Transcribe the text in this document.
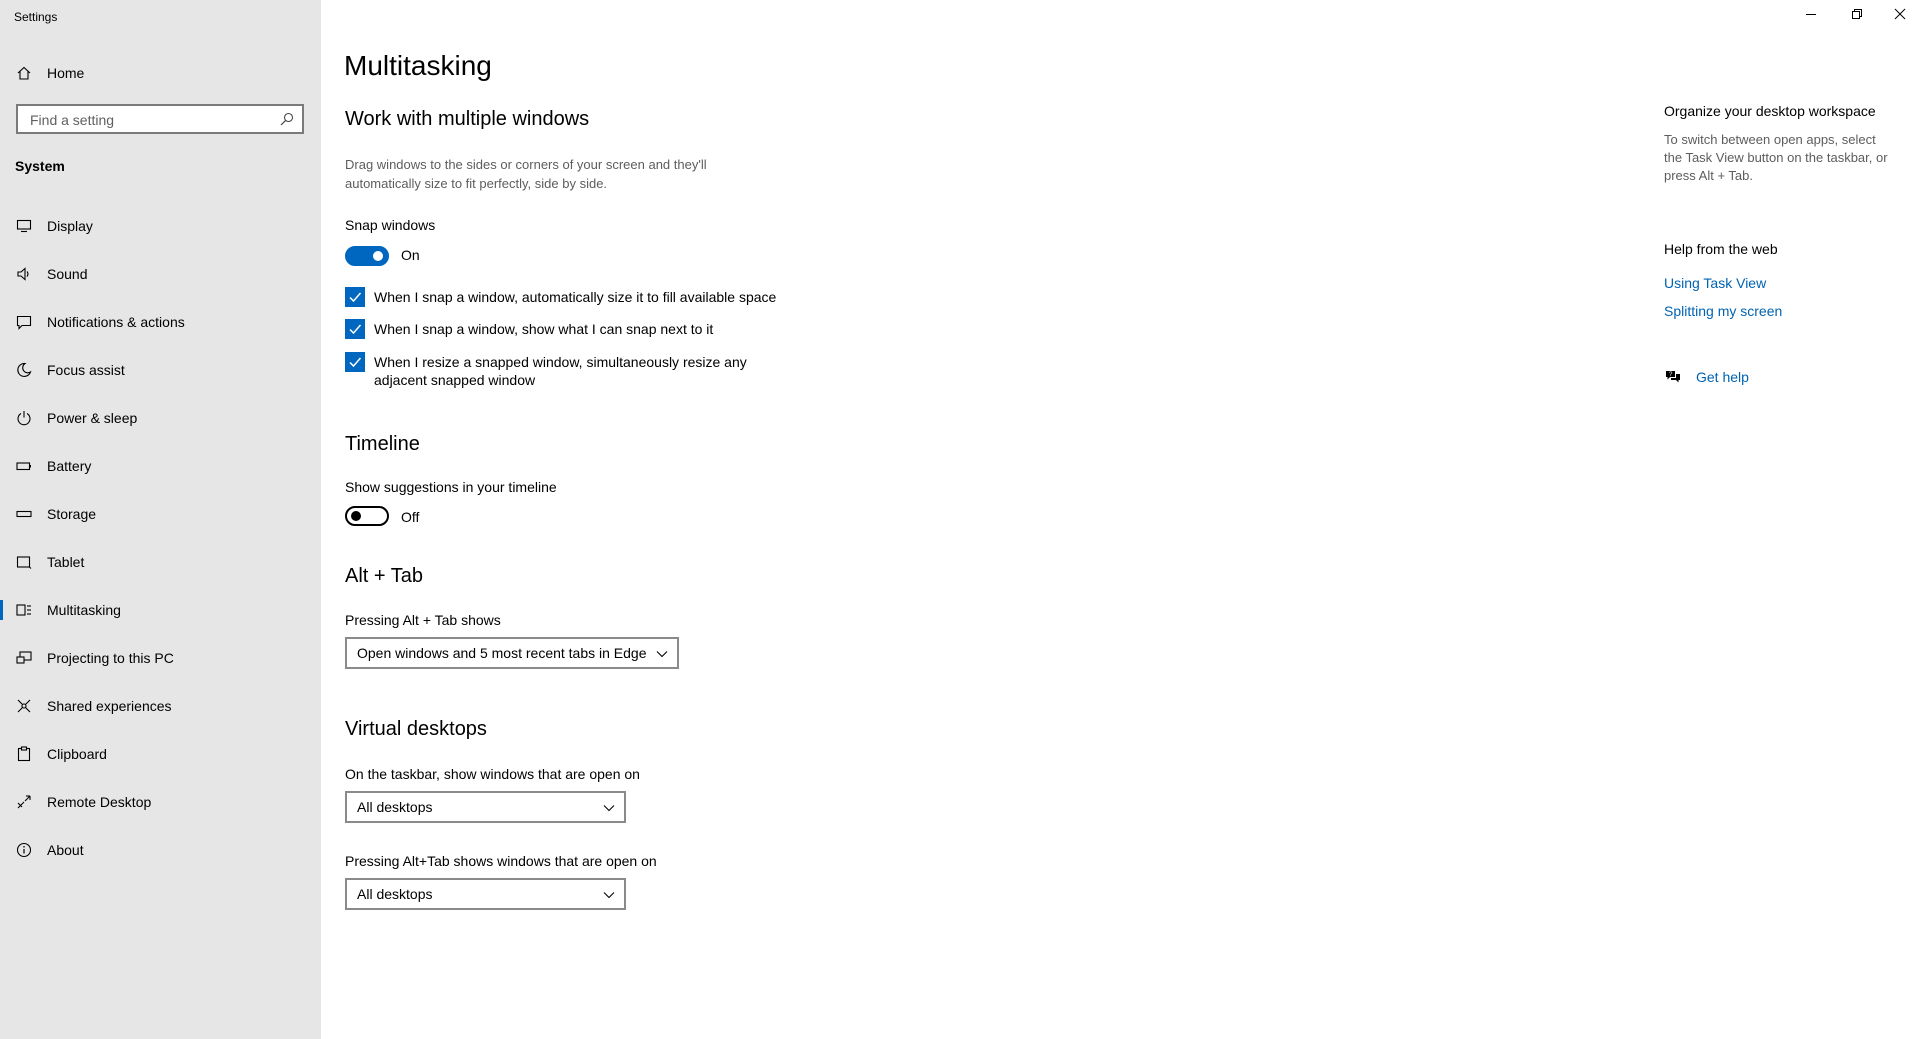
Settings
Home
Find a setting
System
Display
Sound
Notifications & actions
Focus assist
Power & sleep
Battery
Storage
Tablet
Multitasking
Projecting to this PC
Shared experiences
Clipboard
Remote Desktop
About
Multitasking
Work with multiple windows
Drag windows to the sides or corners of your screen and they'll automatically size to fit perfectly, side by side.
Snap windows
On
When I snap a window, automatically size it to fill available space
When I snap a window, show what I can snap next to it
When I resize a snapped window, simultaneously resize any adjacent snapped window
Timeline
Show suggestions in your timeline
Off
Alt + Tab
Pressing Alt + Tab shows
Open windows and 5 most recent tabs in Edge
Virtual desktops
On the taskbar, show windows that are open on
All desktops
Pressing Alt+Tab shows windows that are open on
All desktops
Organize your desktop workspace
To switch between open apps, select the Task View button on the taskbar, or press Alt + Tab.
Help from the web
Using Task View
Splitting my screen
? Get help
